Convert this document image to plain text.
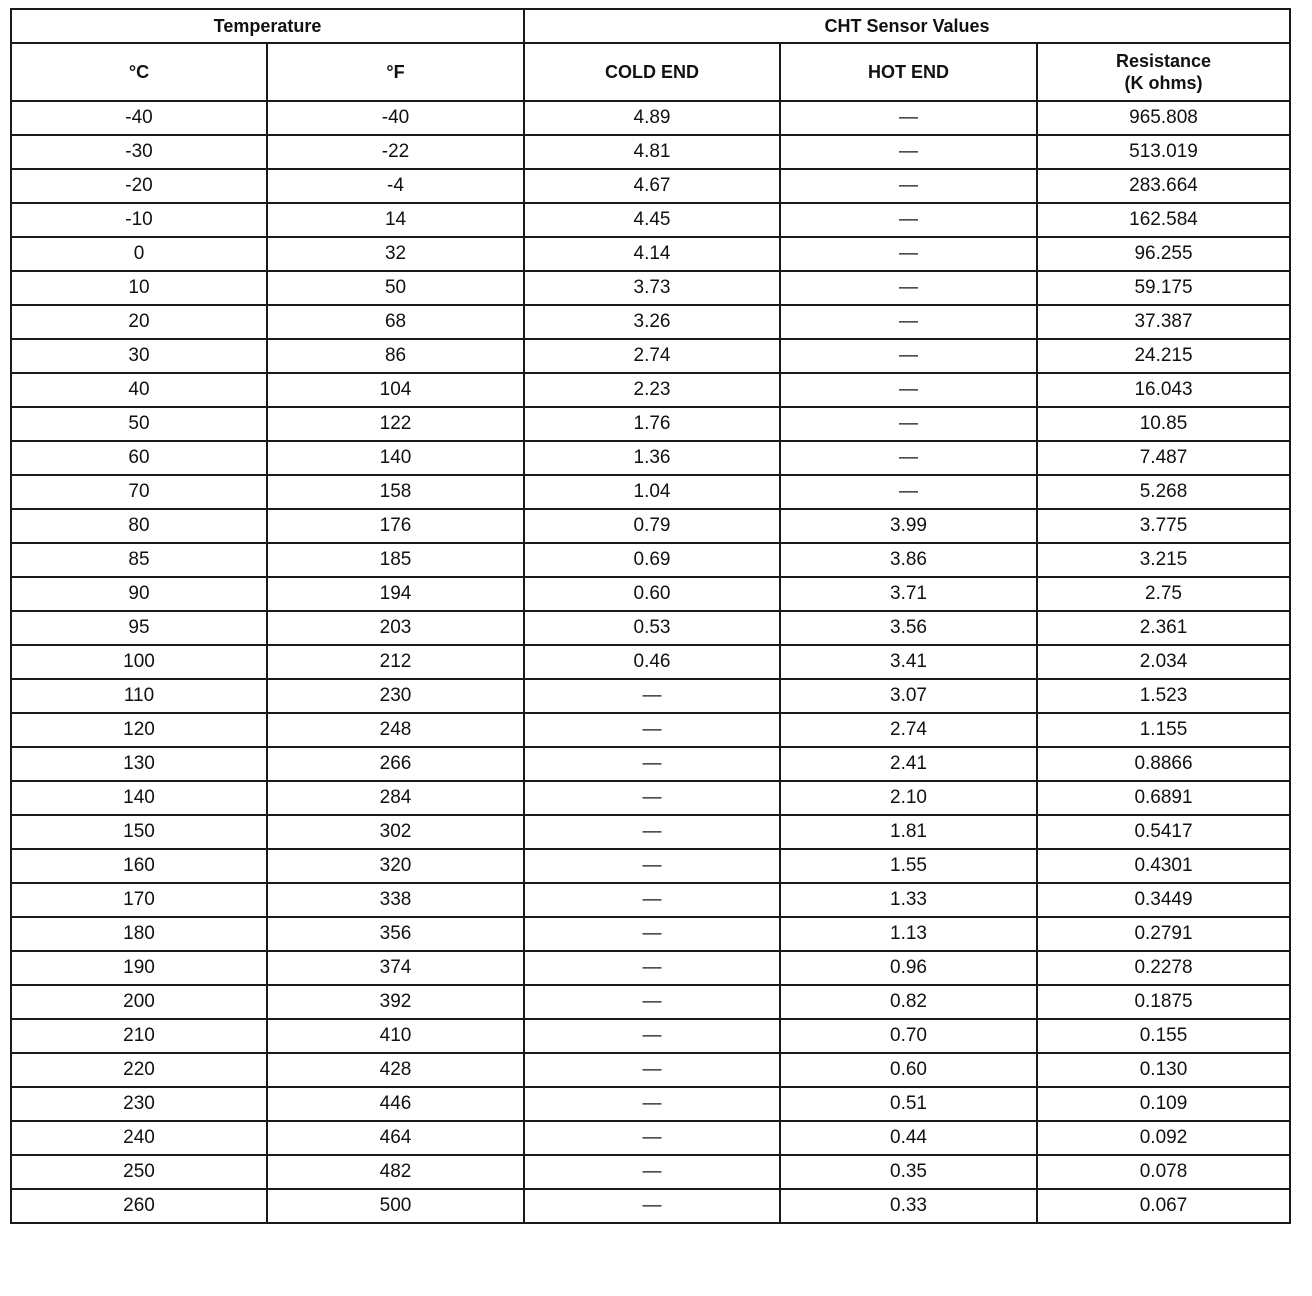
Temperature		CHT Sensor Values		
°C	°F	COLD END	HOT END	Resistance
(K ohms)
-40	-40	4.89	—	965.808
-30	-22	4.81	—	513.019
-20	-4	4.67	—	283.664
-10	14	4.45	—	162.584
0	32	4.14	—	96.255
10	50	3.73	—	59.175
20	68	3.26	—	37.387
30	86	2.74	—	24.215
40	104	2.23	—	16.043
50	122	1.76	—	10.85
60	140	1.36	—	7.487
70	158	1.04	—	5.268
80	176	0.79	3.99	3.775
85	185	0.69	3.86	3.215
90	194	0.60	3.71	2.75
95	203	0.53	3.56	2.361
100	212	0.46	3.41	2.034
110	230	—	3.07	1.523
120	248	—	2.74	1.155
130	266	—	2.41	0.8866
140	284	—	2.10	0.6891
150	302	—	1.81	0.5417
160	320	—	1.55	0.4301
170	338	—	1.33	0.3449
180	356	—	1.13	0.2791
190	374	—	0.96	0.2278
200	392	—	0.82	0.1875
210	410	—	0.70	0.155
220	428	—	0.60	0.130
230	446	—	0.51	0.109
240	464	—	0.44	0.092
250	482	—	0.35	0.078
260	500	—	0.33	0.067
